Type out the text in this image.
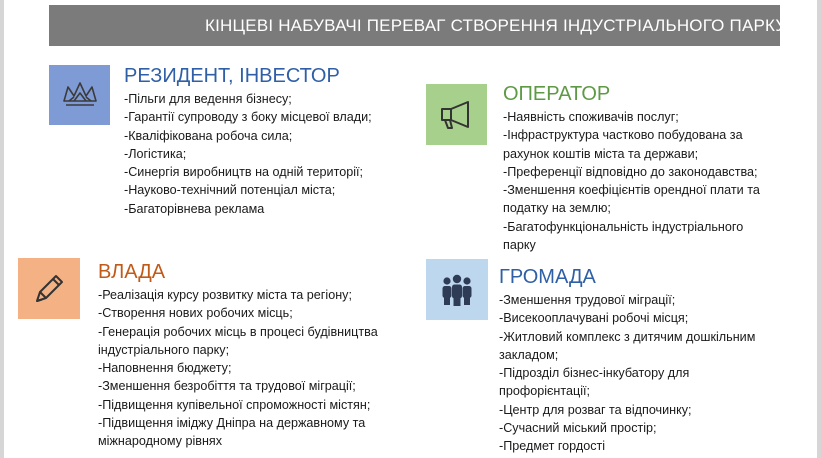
КІНЦЕВІ НАБУВАЧІ ПЕРЕВАГ СТВОРЕННЯ ІНДУСТРІАЛЬНОГО ПАРКУ
РЕЗИДЕНТ, ІНВЕСТОР
-Пільги для ведення бізнесу;
-Гарантії супроводу з боку місцевої влади;
-Кваліфікована робоча сила;
-Логістика;
-Синергія виробництв на одній території;
-Науково-технічний потенціал міста;
-Багаторівнева реклама
ОПЕРАТОР
-Наявність споживачів послуг;
-Інфраструктура частково побудована за
рахунок коштів міста та держави;
-Преференції відповідно до законодавства;
-Зменшення коефіцієнтів орендної плати та
податку на землю;
-Багатофункціональність індустріального
парку
ВЛАДА
-Реалізація курсу розвитку міста та регіону;
-Створення нових робочих місць;
-Генерація робочих місць в процесі будівництва
індустріального парку;
-Наповнення бюджету;
-Зменшення безробіття та трудової міграції;
-Підвищення купівельної спроможності містян;
-Підвищення іміджу Дніпра на державному та
міжнародному рівнях
ГРОМАДА
-Зменшення трудової міграції;
-Висекооплачувані робочі місця;
-Житловий комплекс з дитячим дошкільним
закладом;
-Підрозділ бізнес-інкубатору для
профорієнтації;
-Центр для розваг та відпочинку;
-Сучасний міський простір;
-Предмет гордості
